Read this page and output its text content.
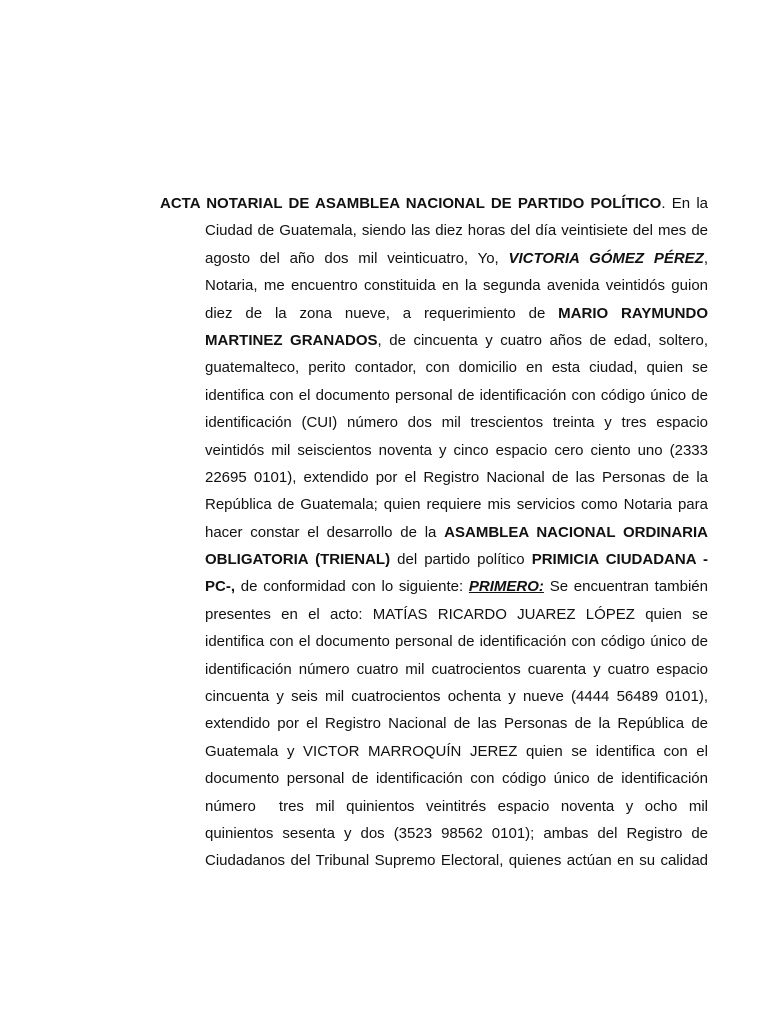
ACTA NOTARIAL DE ASAMBLEA NACIONAL DE PARTIDO POLÍTICO. En la
Ciudad de Guatemala, siendo las diez horas del día veintisiete del mes de
agosto del año dos mil veinticuatro, Yo, VICTORIA GÓMEZ PÉREZ,
Notaria, me encuentro constituida en la segunda avenida veintidós guion
diez de la zona nueve, a requerimiento de MARIO RAYMUNDO
MARTINEZ GRANADOS, de cincuenta y cuatro años de edad, soltero,
guatemalteco, perito contador, con domicilio en esta ciudad, quien se
identifica con el documento personal de identificación con código único de
identificación (CUI) número dos mil trescientos treinta y tres espacio
veintidós mil seiscientos noventa y cinco espacio cero ciento uno (2333
22695 0101), extendido por el Registro Nacional de las Personas de la
República de Guatemala; quien requiere mis servicios como Notaria para
hacer constar el desarrollo de la ASAMBLEA NACIONAL ORDINARIA
OBLIGATORIA (TRIENAL) del partido político PRIMICIA CIUDADANA -
PC-, de conformidad con lo siguiente: PRIMERO: Se encuentran también
presentes en el acto: MATÍAS RICARDO JUAREZ LÓPEZ quien se
identifica con el documento personal de identificación con código único de
identificación número cuatro mil cuatrocientos cuarenta y cuatro espacio
cincuenta y seis mil cuatrocientos ochenta y nueve (4444 56489 0101),
extendido por el Registro Nacional de las Personas de la República de
Guatemala y VICTOR MARROQUÍN JEREZ quien se identifica con el
documento personal de identificación con código único de identificación
número  tres mil quinientos veintitrés espacio noventa y ocho mil
quinientos sesenta y dos (3523 98562 0101); ambas del Registro de
Ciudadanos del Tribunal Supremo Electoral, quienes actúan en su calidad
